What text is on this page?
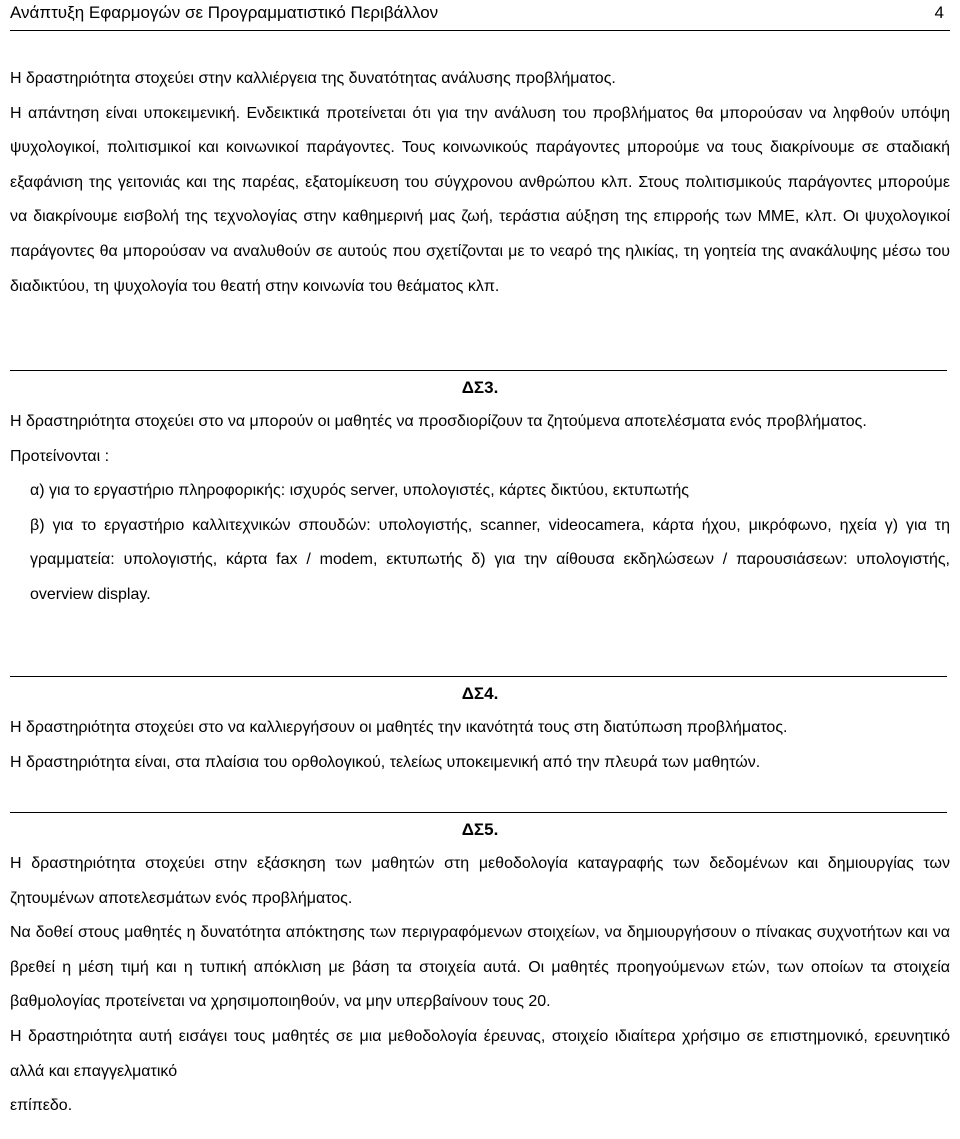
Ανάπτυξη Εφαρμογών σε Προγραμματιστικό Περιβάλλον	4

Η δραστηριότητα στοχεύει στην καλλιέργεια της δυνατότητας ανάλυσης προβλήματος.

Η απάντηση είναι υποκειμενική. Ενδεικτικά προτείνεται ότι για την ανάλυση του προβλήματος θα μπορούσαν να ληφθούν υπόψη ψυχολογικοί, πολιτισμικοί και κοινωνικοί παράγοντες. Τους κοινωνικούς παράγοντες μπορούμε να τους διακρίνουμε σε σταδιακή εξαφάνιση της γειτονιάς και της παρέας, εξατομίκευση του σύγχρονου ανθρώπου κλπ. Στους πολιτισμικούς παράγοντες μπορούμε να διακρίνουμε εισβολή της τεχνολογίας στην καθημερινή μας ζωή, τεράστια αύξηση της επιρροής των ΜΜΕ, κλπ. Οι ψυχολογικοί παράγοντες θα μπορούσαν να αναλυθούν σε αυτούς που σχετίζονται με το νεαρό της ηλικίας, τη γοητεία της ανακάλυψης μέσω του διαδικτύου, τη ψυχολογία του θεατή στην κοινωνία του θεάματος κλπ.

ΔΣ3.

Η δραστηριότητα στοχεύει στο να μπορούν οι μαθητές να προσδιορίζουν τα ζητούμενα αποτελέσματα ενός προβλήματος.

Προτείνονται :

α) για το εργαστήριο πληροφορικής: ισχυρός server, υπολογιστές, κάρτες δικτύου, εκτυπωτής

β) για το εργαστήριο καλλιτεχνικών σπουδών: υπολογιστής, scanner, videocamera, κάρτα ήχου, μικρόφωνο, ηχεία γ) για τη γραμματεία: υπολογιστής, κάρτα fax / modem, εκτυπωτής δ) για την αίθουσα εκδηλώσεων / παρουσιάσεων: υπολογιστής, overview display.

ΔΣ4.

Η δραστηριότητα στοχεύει στο να καλλιεργήσουν οι μαθητές την ικανότητά τους στη διατύπωση προβλήματος.

Η δραστηριότητα είναι, στα πλαίσια του ορθολογικού, τελείως υποκειμενική από την πλευρά των μαθητών.

ΔΣ5.

Η δραστηριότητα στοχεύει στην εξάσκηση των μαθητών στη μεθοδολογία καταγραφής των δεδομένων και δημιουργίας των ζητουμένων αποτελεσμάτων ενός προβλήματος.

Να δοθεί στους μαθητές η δυνατότητα απόκτησης των περιγραφόμενων στοιχείων, να δημιουργήσουν ο πίνακας συχνοτήτων και να βρεθεί η μέση τιμή και η τυπική απόκλιση με βάση τα στοιχεία αυτά. Οι μαθητές προηγούμενων ετών, των οποίων τα στοιχεία βαθμολογίας προτείνεται να χρησιμοποιηθούν, να μην υπερβαίνουν τους 20.

Η δραστηριότητα αυτή εισάγει τους μαθητές σε μια μεθοδολογία έρευνας, στοιχείο ιδιαίτερα χρήσιμο σε επιστημονικό, ερευνητικό αλλά και επαγγελματικό

επίπεδο.
